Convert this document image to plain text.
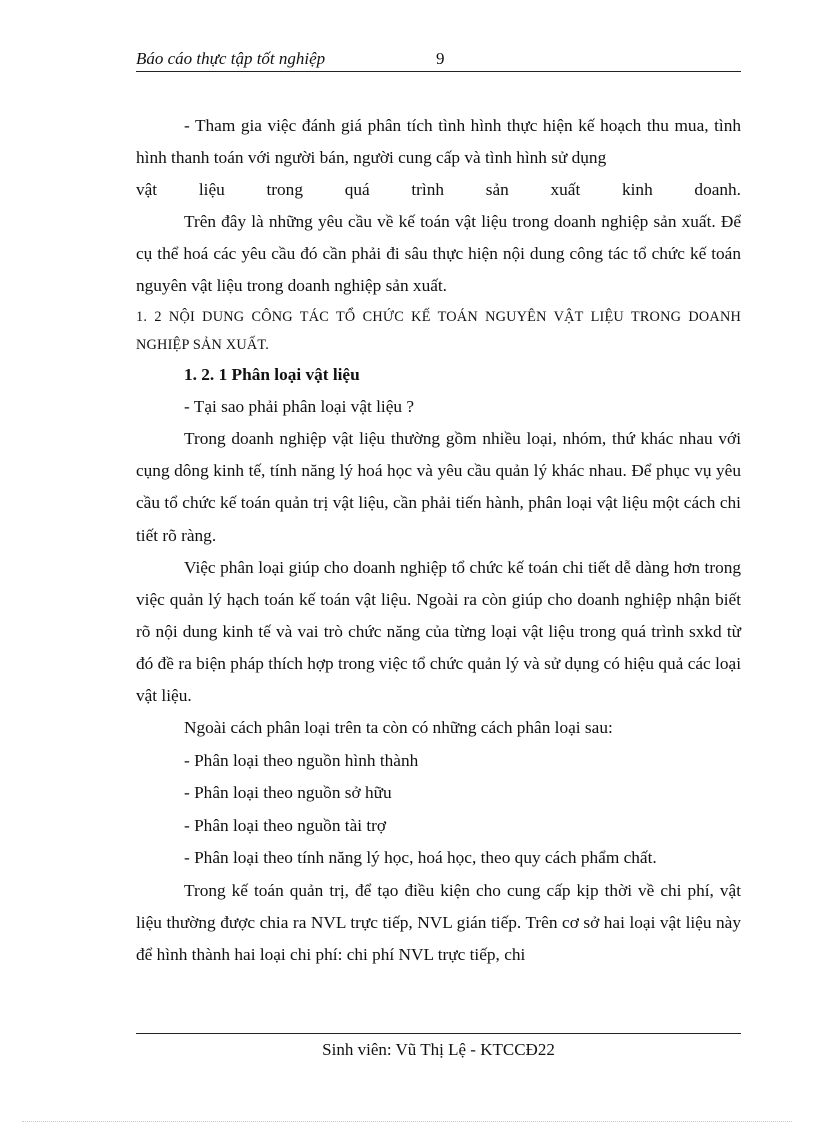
Báo cáo thực tập tốt nghiệp	9

- Tham gia việc đánh giá phân tích tình hình thực hiện kế hoạch thu mua, tình hình thanh toán với người bán, người cung cấp và tình hình sử dụng

vật liệu trong quá trình sản xuất kinh doanh.

Trên đây là những yêu cầu về kế toán vật liệu trong doanh nghiệp sản xuất. Để cụ thể hoá các yêu cầu đó cần phải đi sâu thực hiện nội dung công tác tổ chức kế toán nguyên vật liệu trong doanh nghiệp sản xuất.

1. 2 NỘI DUNG CÔNG TÁC TỔ CHỨC KẾ TOÁN NGUYÊN VẬT LIỆU TRONG DOANH NGHIỆP SẢN XUẤT.

1. 2. 1 Phân loại vật liệu

- Tại sao phải phân loại vật liệu ?

Trong doanh nghiệp vật liệu thường gồm nhiều loại, nhóm, thứ khác nhau với cụng dông kinh tế, tính năng lý hoá học và yêu cầu quản lý khác nhau. Để phục vụ yêu cầu tổ chức kế toán quản trị vật liệu, cần phải tiến hành, phân loại vật liệu một cách chi tiết rõ ràng.

Việc phân loại giúp cho doanh nghiệp tổ chức kế toán chi tiết dễ dàng hơn trong việc quản lý hạch toán kế toán vật liệu. Ngoài ra còn giúp cho doanh nghiệp nhận biết rõ nội dung kinh tế và vai trò chức năng của từng loại vật liệu trong quá trình sxkd từ đó đề ra biện pháp thích hợp trong việc tổ chức quản lý và sử dụng có hiệu quả các loại vật liệu.

Ngoài cách phân loại trên ta còn có những cách phân loại sau:

- Phân loại theo nguồn hình thành

- Phân loại theo nguồn sở hữu

- Phân loại theo nguồn tài trợ

- Phân loại theo tính năng lý học, hoá học, theo quy cách phẩm chất.

Trong kế toán quản trị, để tạo điều kiện cho cung cấp kịp thời về chi phí, vật liệu thường được chia ra NVL trực tiếp, NVL gián tiếp. Trên cơ sở hai loại vật liệu này để hình thành hai loại chi phí: chi phí NVL trực tiếp, chi

Sinh viên: Vũ Thị Lệ - KTCCĐ22
